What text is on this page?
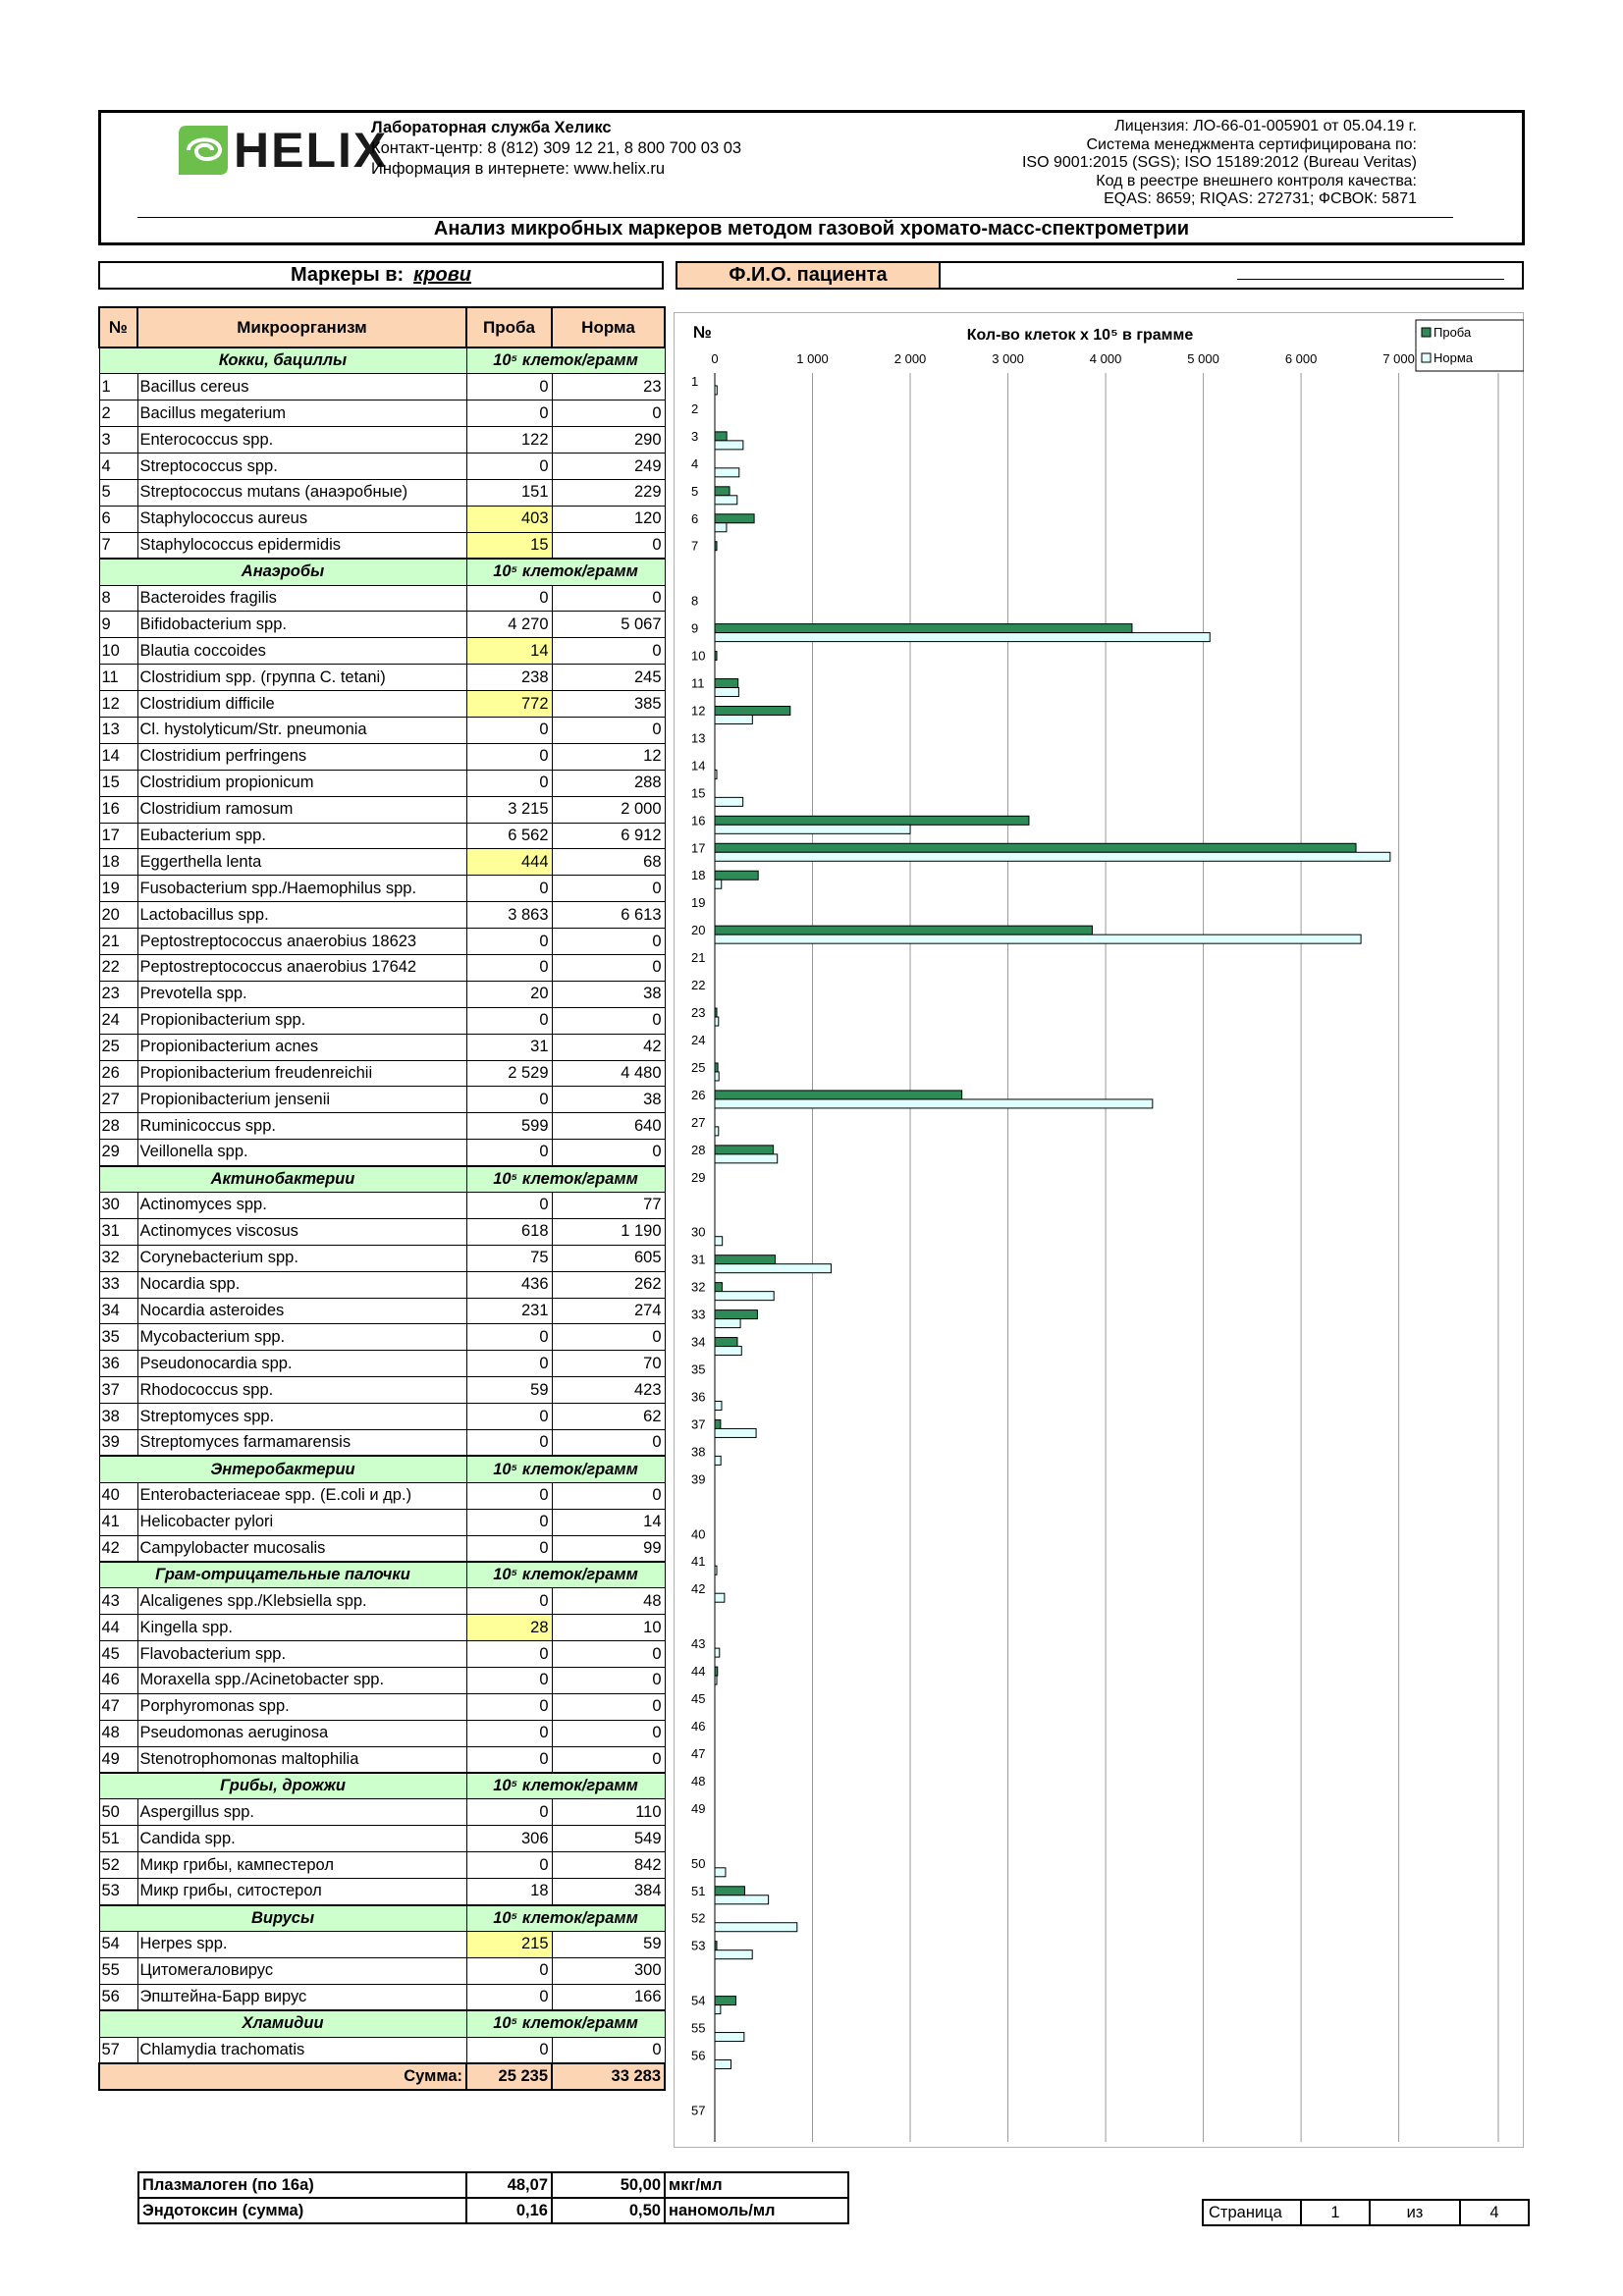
HELIX
Лабораторная служба Хеликс
Контакт-центр: 8 (812) 309 12 21, 8 800 700 03 03
Информация в интернете: www.helix.ru
Лицензия: ЛО-66-01-005901 от 05.04.19 г.
Система менеджмента сертифицирована по:
ISO 9001:2015 (SGS); ISO 15189:2012 (Bureau Veritas)
Код в реестре внешнего контроля качества:
EQAS: 8659; RIQAS: 272731; ФСВОК: 5871
Анализ микробных маркеров методом газовой хромато-масс-спектрометрии
Маркеры в: крови	Ф.И.О. пациента
№	Микроорганизм	Проба	Норма
Кокки, бациллы		10⁵ клеток/грамм	
1	Bacillus cereus	0	23
2	Bacillus megaterium	0	0
3	Enterococcus spp.	122	290
4	Streptococcus spp.	0	249
5	Streptococcus mutans (анаэробные)	151	229
6	Staphylococcus aureus	403	120
7	Staphylococcus epidermidis	15	0
Анаэробы		10⁵ клеток/грамм	
8	Bacteroides fragilis	0	0
9	Bifidobacterium spp.	4 270	5 067
10	Blautia coccoides	14	0
11	Clostridium spp. (группа C. tetani)	238	245
12	Clostridium difficile	772	385
13	Cl. hystolyticum/Str. pneumonia	0	0
14	Clostridium perfringens	0	12
15	Clostridium propionicum	0	288
16	Clostridium ramosum	3 215	2 000
17	Eubacterium spp.	6 562	6 912
18	Eggerthella lenta	444	68
19	Fusobacterium spp./Haemophilus spp.	0	0
20	Lactobacillus spp.	3 863	6 613
21	Peptostreptococcus anaerobius 18623	0	0
22	Peptostreptococcus anaerobius 17642	0	0
23	Prevotella spp.	20	38
24	Propionibacterium spp.	0	0
25	Propionibacterium acnes	31	42
26	Propionibacterium freudenreichii	2 529	4 480
27	Propionibacterium jensenii	0	38
28	Ruminicoccus spp.	599	640
29	Veillonella spp.	0	0
Актинобактерии		10⁵ клеток/грамм	
30	Actinomyces spp.	0	77
31	Actinomyces viscosus	618	1 190
32	Corynebacterium spp.	75	605
33	Nocardia spp.	436	262
34	Nocardia asteroides	231	274
35	Mycobacterium spp.	0	0
36	Pseudonocardia spp.	0	70
37	Rhodococcus spp.	59	423
38	Streptomyces spp.	0	62
39	Streptomyces farmamarensis	0	0
Энтеробактерии		10⁵ клеток/грамм	
40	Enterobacteriaceae spp. (E.coli и др.)	0	0
41	Helicobacter pylori	0	14
42	Campylobacter mucosalis	0	99
Грам-отрицательные палочки		10⁵ клеток/грамм	
43	Alcaligenes spp./Klebsiella spp.	0	48
44	Kingella spp.	28	10
45	Flavobacterium spp.	0	0
46	Moraxella spp./Acinetobacter spp.	0	0
47	Porphyromonas spp.	0	0
48	Pseudomonas aeruginosa	0	0
49	Stenotrophomonas maltophilia	0	0
Грибы, дрожжи		10⁵ клеток/грамм	
50	Aspergillus spp.	0	110
51	Candida spp.	306	549
52	Микр грибы, кампестерол	0	842
53	Микр грибы, ситостерол	18	384
Вирусы		10⁵ клеток/грамм	
54	Herpes spp.	215	59
55	Цитомегаловирус	0	300
56	Эпштейна-Барр вирус	0	166
Хламидии		10⁵ клеток/грамм	
57	Chlamydia trachomatis	0	0
Сумма:		25 235	33 283
Плазмалоген (по 16а)	48,07	50,00	мкг/мл
Эндотоксин (сумма)	0,16	0,50	наномоль/мл	Страница	1	из	4
0	1 000	2 000	3 000	4 000	5 000	6 000	7 000
№	Кол-во клеток x 10⁵ в грамме	Проба
Норма
1
2
3
4
5
6
7
8
9
10
11
12
13
14
15
16
17
18
19
20
21
22
23
24
25
26
27
28
29
30
31
32
33
34
35
36
37
38
39
40
41
42
43
44
45
46
47
48
49
50
51
52
53
54
55
56
57
